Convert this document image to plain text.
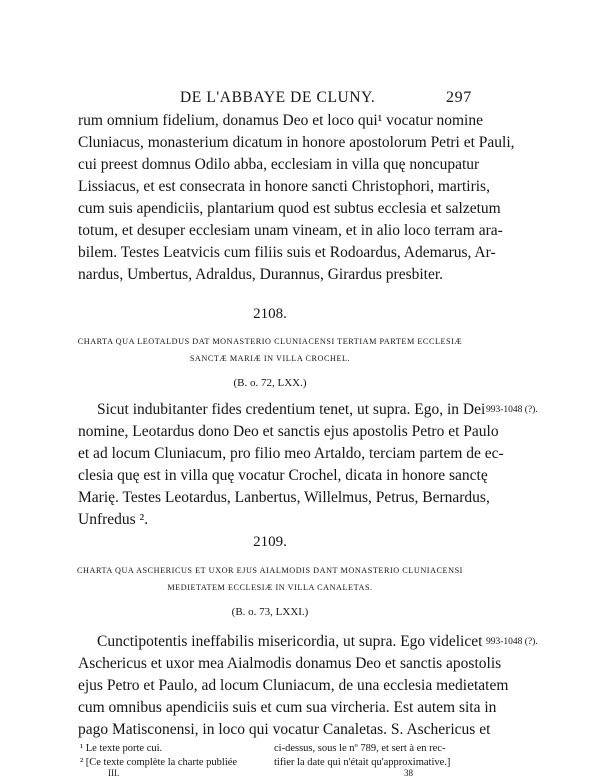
DE L'ABBAYE DE CLUNY.	297
rum omnium fidelium, donamus Deo et loco qui¹ vocatur nomine
Cluniacus, monasterium dicatum in honore apostolorum Petri et Pauli,
cui preest domnus Odilo abba, ecclesiam in villa quę noncupatur
Lissiacus, et est consecrata in honore sancti Christophori, martiris,
cum suis apendiciis, plantarium quod est subtus ecclesia et salzetum
totum, et desuper ecclesiam unam vineam, et in alio loco terram ara-
bilem. Testes Leatvicis cum filiis suis et Rodoardus, Ademarus, Ar-
nardus, Umbertus, Adraldus, Durannus, Girardus presbiter.
2108.
CHARTA QUA LEOTALDUS DAT MONASTERIO CLUNIACENSI TERTIAM PARTEM ECCLESIÆ
SANCTÆ MARIÆ IN VILLA CROCHEL.
(B. o. 72, LXX.)
993-1048 (?).
Sicut indubitanter fides credentium tenet, ut supra. Ego, in Dei
nomine, Leotardus dono Deo et sanctis ejus apostolis Petro et Paulo
et ad locum Cluniacum, pro filio meo Artaldo, terciam partem de ec-
clesia quę est in villa quę vocatur Crochel, dicata in honore sanctę
Marię. Testes Leotardus, Lanbertus, Willelmus, Petrus, Bernardus,
Unfredus ².
2109.
CHARTA QUA ASCHERICUS ET UXOR EJUS AIALMODIS DANT MONASTERIO CLUNIACENSI
MEDIETATEM ECCLESIÆ IN VILLA CANALETAS.
(B. o. 73, LXXI.)
993-1048 (?).
Cunctipotentis ineffabilis misericordia, ut supra. Ego videlicet
Aschericus et uxor mea Aialmodis donamus Deo et sanctis apostolis
ejus Petro et Paulo, ad locum Cluniacum, de una ecclesia medietatem
cum omnibus apendiciis suis et cum sua vircheria. Est autem sita in
pago Matisconensi, in loco qui vocatur Canaletas. S. Aschericus et
¹ Le texte porte cui.
² [Ce texte complète la charte publiée
ci-dessus, sous le nº 789, et sert à en rec-
tifier la date qui n'était qu'approximative.]
III.	38
